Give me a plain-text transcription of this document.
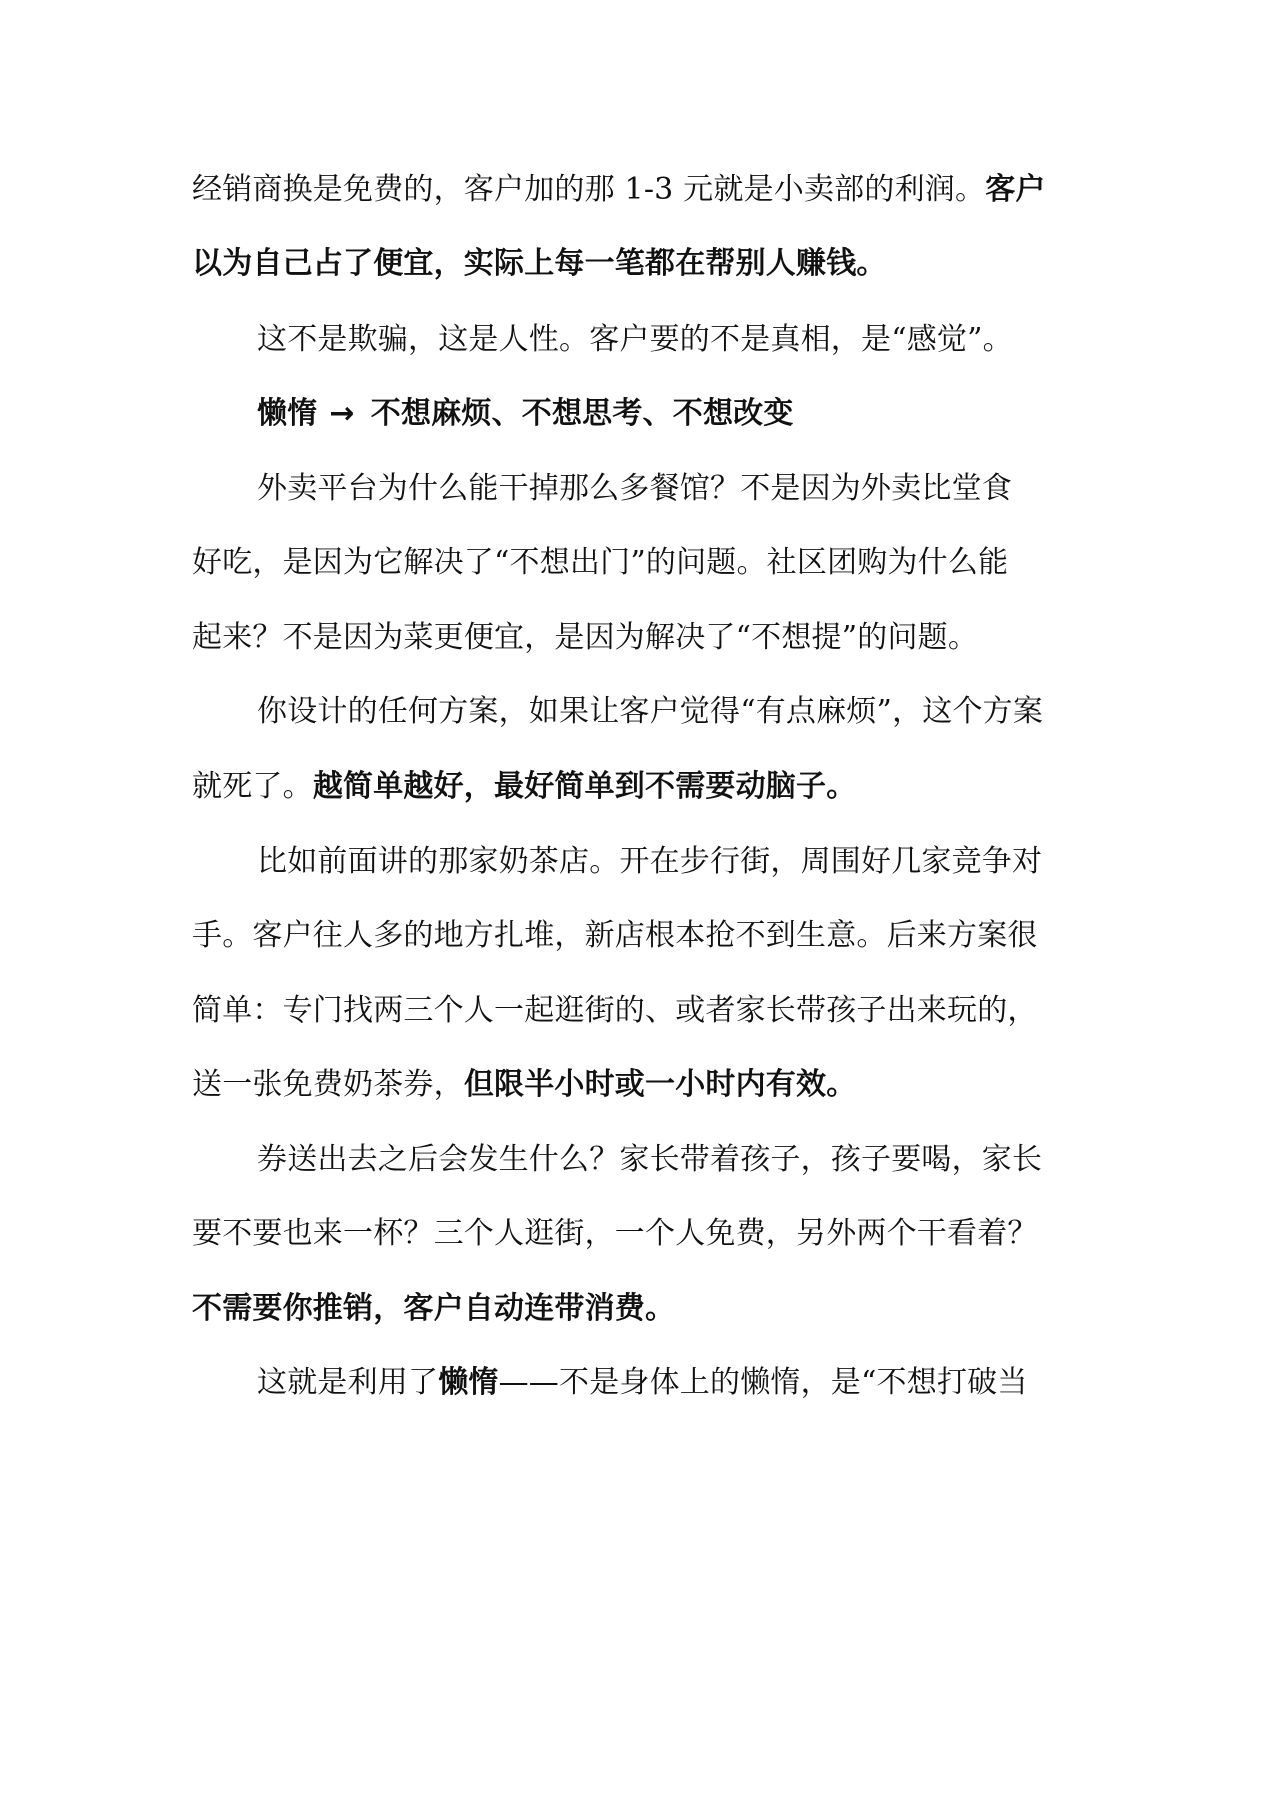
经销商换是免费的，客户加的那 1-3 元就是小卖部的利润。客户
以为自己占了便宜，实际上每一笔都在帮别人赚钱。
这不是欺骗，这是人性。客户要的不是真相，是“感觉”。
懒惰 → 不想麻烦、不想思考、不想改变
外卖平台为什么能干掉那么多餐馆？不是因为外卖比堂食
好吃，是因为它解决了“不想出门”的问题。社区团购为什么能
起来？不是因为菜更便宜，是因为解决了“不想提”的问题。
你设计的任何方案，如果让客户觉得“有点麻烦”，这个方案
就死了。越简单越好，最好简单到不需要动脑子。
比如前面讲的那家奶茶店。开在步行街，周围好几家竞争对
手。客户往人多的地方扎堆，新店根本抢不到生意。后来方案很
简单：专门找两三个人一起逛街的、或者家长带孩子出来玩的，
送一张免费奶茶券，但限半小时或一小时内有效。
券送出去之后会发生什么？家长带着孩子，孩子要喝，家长
要不要也来一杯？三个人逛街，一个人免费，另外两个干看着？
不需要你推销，客户自动连带消费。
这就是利用了懒惰——不是身体上的懒惰，是“不想打破当
